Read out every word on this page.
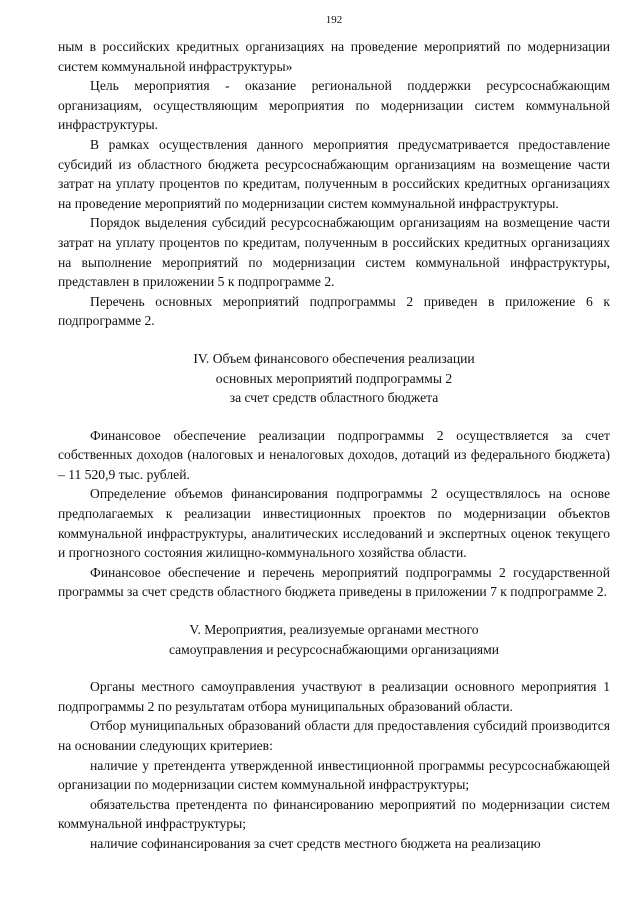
192

ным в российских кредитных организациях на проведение мероприятий по модернизации систем коммунальной инфраструктуры»

Цель мероприятия - оказание региональной поддержки ресурсоснабжающим организациям, осуществляющим мероприятия по модернизации систем коммунальной инфраструктуры.

В рамках осуществления данного мероприятия предусматривается предоставление субсидий из областного бюджета ресурсоснабжающим организациям на возмещение части затрат на уплату процентов по кредитам, полученным в российских кредитных организациях на проведение мероприятий по модернизации систем коммунальной инфраструктуры.

Порядок выделения субсидий ресурсоснабжающим организациям на возмещение части затрат на уплату процентов по кредитам, полученным в российских кредитных организациях на выполнение мероприятий по модернизации систем коммунальной инфраструктуры, представлен в приложении 5 к подпрограмме 2.

Перечень основных мероприятий подпрограммы 2 приведен в приложение 6 к подпрограмме 2.

IV. Объем финансового обеспечения реализации
основных мероприятий подпрограммы 2
за счет средств областного бюджета

Финансовое обеспечение реализации подпрограммы 2 осуществляется за счет собственных доходов (налоговых и неналоговых доходов, дотаций из федерального бюджета) – 11 520,9 тыс. рублей.

Определение объемов финансирования подпрограммы 2 осуществлялось на основе предполагаемых к реализации инвестиционных проектов по модернизации объектов коммунальной инфраструктуры, аналитических исследований и экспертных оценок текущего и прогнозного состояния жилищно-коммунального хозяйства области.

Финансовое обеспечение и перечень мероприятий подпрограммы 2 государственной программы за счет средств областного бюджета приведены в приложении 7 к подпрограмме 2.

V. Мероприятия, реализуемые органами местного
самоуправления и ресурсоснабжающими организациями

Органы местного самоуправления участвуют в реализации основного мероприятия 1 подпрограммы 2 по результатам отбора муниципальных образований области.

Отбор муниципальных образований области для предоставления субсидий производится на основании следующих критериев:

наличие у претендента утвержденной инвестиционной программы ресурсоснабжающей организации по модернизации систем коммунальной инфраструктуры;

обязательства претендента по финансированию мероприятий по модернизации систем коммунальной инфраструктуры;

наличие софинансирования за счет средств местного бюджета на реализацию
